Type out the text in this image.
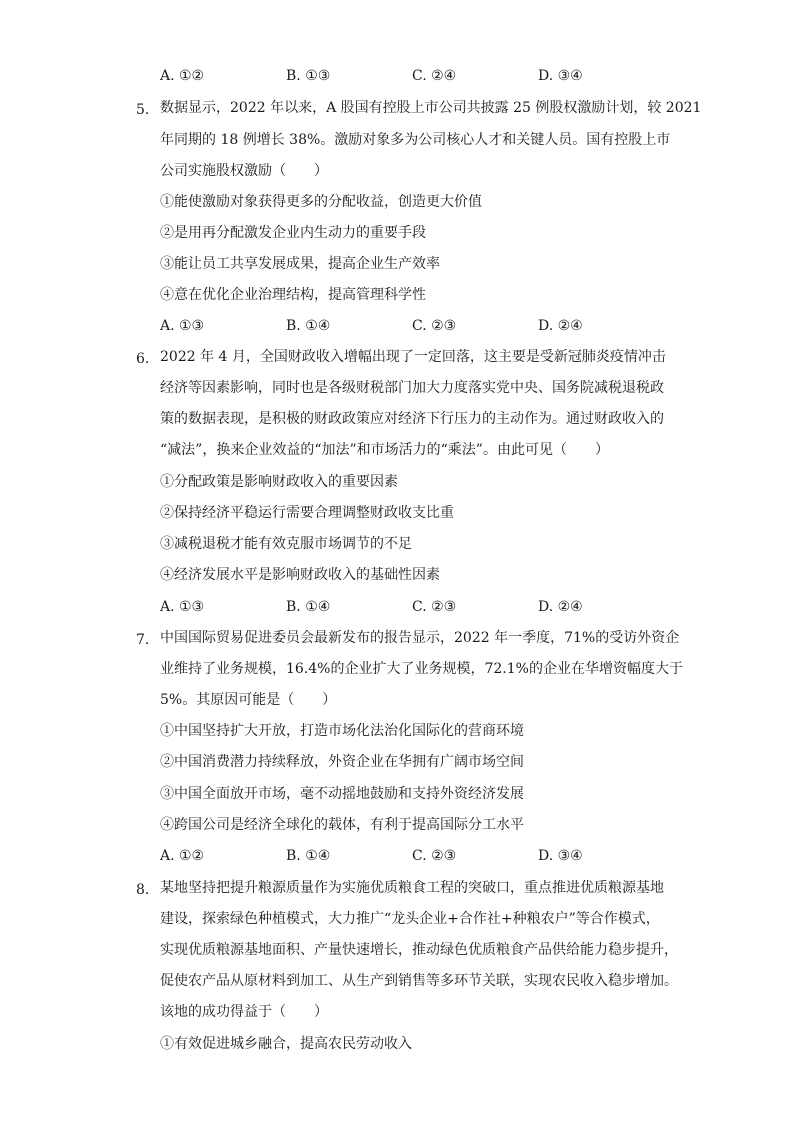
A. ①②	B. ①③	C. ②④	D. ③④
5. 数据显示，2022 年以来，A 股国有控股上市公司共披露 25 例股权激励计划，较 2021
年同期的 18 例增长 38%。激励对象多为公司核心人才和关键人员。国有控股上市
公司实施股权激励（　　）
①能使激励对象获得更多的分配收益，创造更大价值
②是用再分配激发企业内生动力的重要手段
③能让员工共享发展成果，提高企业生产效率
④意在优化企业治理结构，提高管理科学性
A. ①③	B. ①④	C. ②③	D. ②④
6. 2022 年 4 月，全国财政收入增幅出现了一定回落，这主要是受新冠肺炎疫情冲击
经济等因素影响，同时也是各级财税部门加大力度落实党中央、国务院减税退税政
策的数据表现，是积极的财政政策应对经济下行压力的主动作为。通过财政收入的
“减法”，换来企业效益的“加法”和市场活力的“乘法”。由此可见（　　）
①分配政策是影响财政收入的重要因素
②保持经济平稳运行需要合理调整财政收支比重
③减税退税才能有效克服市场调节的不足
④经济发展水平是影响财政收入的基础性因素
A. ①③	B. ①④	C. ②③	D. ②④
7. 中国国际贸易促进委员会最新发布的报告显示，2022 年一季度，71%的受访外资企
业维持了业务规模，16.4%的企业扩大了业务规模，72.1%的企业在华增资幅度大于
5%。其原因可能是（　　）
①中国坚持扩大开放，打造市场化法治化国际化的营商环境
②中国消费潜力持续释放，外资企业在华拥有广阔市场空间
③中国全面放开市场，毫不动摇地鼓励和支持外资经济发展
④跨国公司是经济全球化的载体，有利于提高国际分工水平
A. ①②	B. ①④	C. ②③	D. ③④
8. 某地坚持把提升粮源质量作为实施优质粮食工程的突破口，重点推进优质粮源基地
建设，探索绿色种植模式，大力推广“龙头企业+合作社+种粮农户”等合作模式，
实现优质粮源基地面积、产量快速增长，推动绿色优质粮食产品供给能力稳步提升，
促使农产品从原材料到加工、从生产到销售等多环节关联，实现农民收入稳步增加。
该地的成功得益于（　　）
①有效促进城乡融合，提高农民劳动收入
